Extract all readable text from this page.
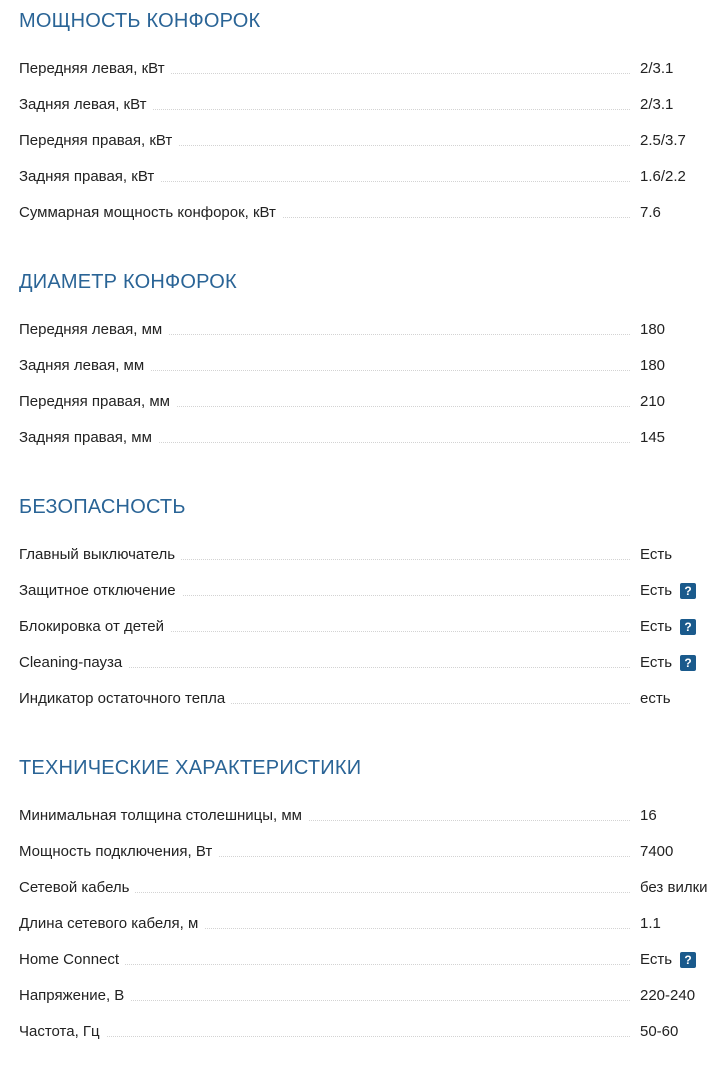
МОЩНОСТЬ КОНФОРОК
Передняя левая, кВт	2/3.1
Задняя левая, кВт	2/3.1
Передняя правая, кВт	2.5/3.7
Задняя правая, кВт	1.6/2.2
Суммарная мощность конфорок, кВт	7.6
ДИАМЕТР КОНФОРОК
Передняя левая, мм	180
Задняя левая, мм	180
Передняя правая, мм	210
Задняя правая, мм	145
БЕЗОПАСНОСТЬ
Главный выключатель	Есть
Защитное отключение	Есть ?
Блокировка от детей	Есть ?
Cleaning-пауза	Есть ?
Индикатор остаточного тепла	есть
ТЕХНИЧЕСКИЕ ХАРАКТЕРИСТИКИ
Минимальная толщина столешницы, мм	16
Мощность подключения, Вт	7400
Сетевой кабель	без вилки
Длина сетевого кабеля, м	1.1
Home Connect	Есть ?
Напряжение, В	220-240
Частота, Гц	50-60
